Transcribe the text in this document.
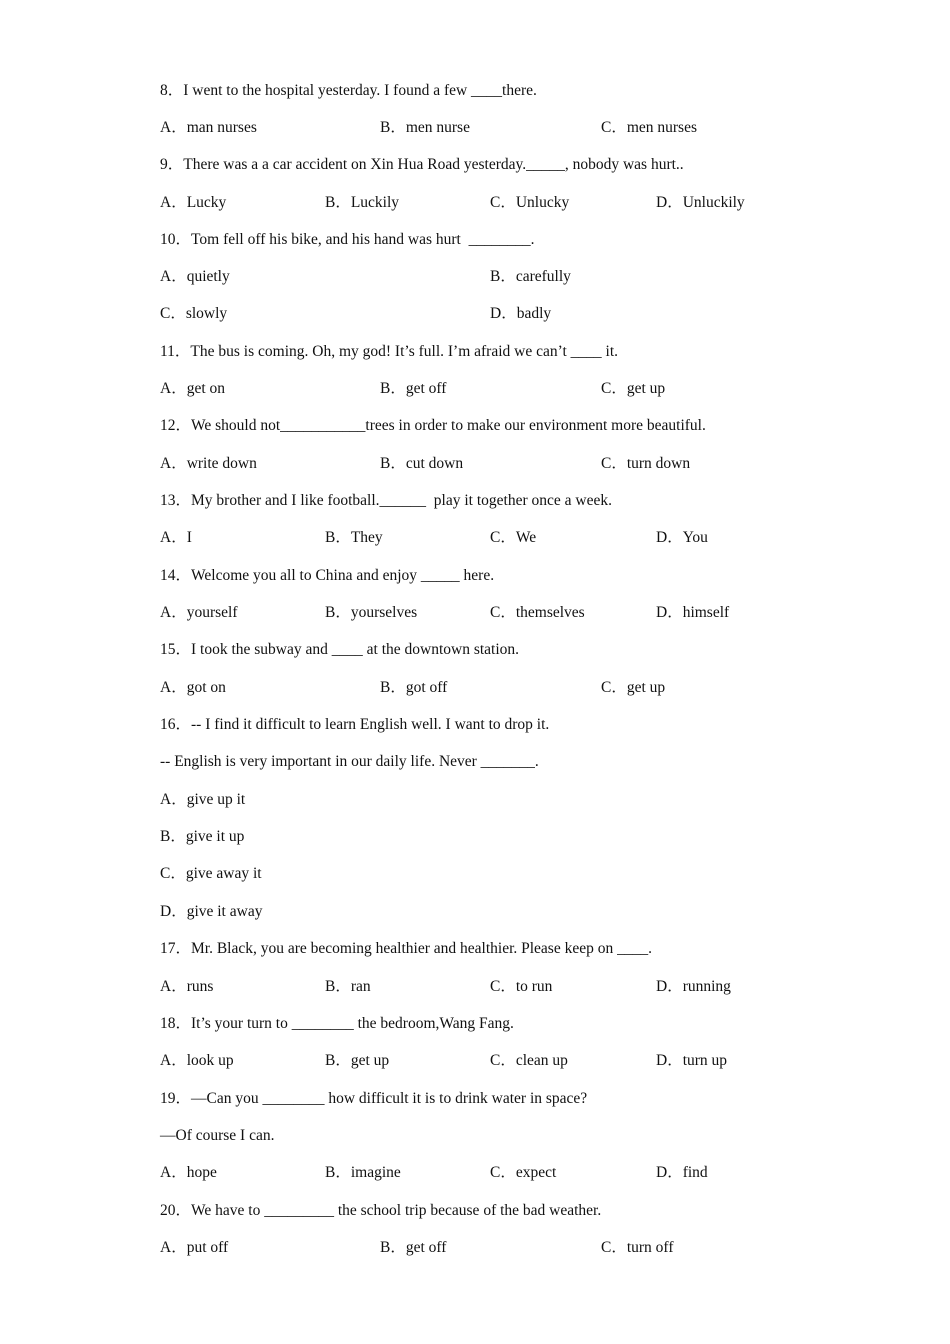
8．I went to the hospital yesterday. I found a few ____there.
A．man nurses	B．men nurse	C．men nurses
9．There was a a car accident on Xin Hua Road yesterday._____, nobody was hurt..
A．Lucky	B．Luckily	C．Unlucky	D．Unluckily
10．Tom fell off his bike, and his hand was hurt  ________.
A．quietly	B．carefully
C．slowly	D．badly
11．The bus is coming. Oh, my god! It’s full. I’m afraid we can’t ____ it.
A．get on	B．get off	C．get up
12．We should not___________trees in order to make our environment more beautiful.
A．write down	B．cut down	C．turn down
13．My brother and I like football.______  play it together once a week.
A．I	B．They	C．We	D．You
14．Welcome you all to China and enjoy _____ here.
A．yourself	B．yourselves	C．themselves	D．himself
15．I took the subway and ____ at the downtown station.
A．got on	B．got off	C．get up
16．-- I find it difficult to learn English well. I want to drop it.
-- English is very important in our daily life. Never _______.
A．give up it
B．give it up
C．give away it
D．give it away
17．Mr. Black, you are becoming healthier and healthier. Please keep on ____.
A．runs	B．ran	C．to run	D．running
18．It’s your turn to ________ the bedroom,Wang Fang.
A．look up	B．get up	C．clean up	D．turn up
19．—Can you ________ how difficult it is to drink water in space?
—Of course I can.
A．hope	B．imagine	C．expect	D．find
20．We have to _________ the school trip because of the bad weather.
A．put off	B．get off	C．turn off
